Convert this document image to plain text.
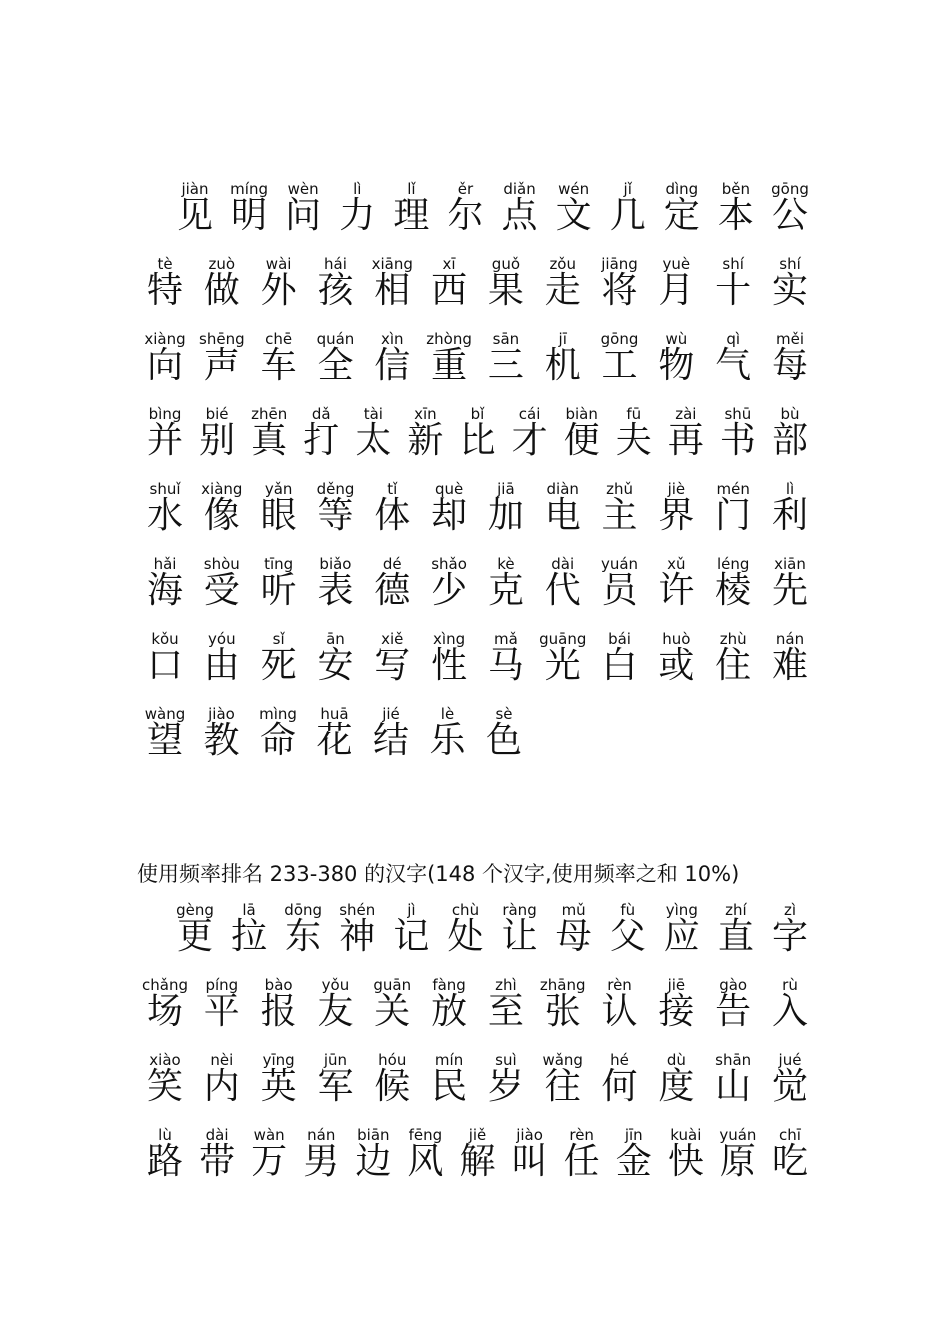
见
jiàn
明
míng
问
wèn
力
lì
理
lǐ
尔
ěr
点
diǎn
文
wén
几
jǐ
定
dìng
本
běn
公
gōng
特
tè
做
zuò
外
wài
孩
hái
相
xiāng
西
xī
果
guǒ
走
zǒu
将
jiāng
月
yuè
十
shí
实
shí
向
xiàng
声
shēng
车
chē
全
quán
信
xìn
重
zhòng
三
sān
机
jī
工
gōng
物
wù
气
qì
每
měi
并
bìng
别
bié
真
zhēn
打
dǎ
太
tài
新
xīn
比
bǐ
才
cái
便
biàn
夫
fū
再
zài
书
shū
部
bù
水
shuǐ
像
xiàng
眼
yǎn
等
děng
体
tǐ
却
què
加
jiā
电
diàn
主
zhǔ
界
jiè
门
mén
利
lì
海
hǎi
受
shòu
听
tīng
表
biǎo
德
dé
少
shǎo
克
kè
代
dài
员
yuán
许
xǔ
棱
léng
先
xiān
口
kǒu
由
yóu
死
sǐ
安
ān
写
xiě
性
xìng
马
mǎ
光
guāng
白
bái
或
huò
住
zhù
难
nán
望
wàng
教
jiào
命
mìng
花
huā
结
jié
乐
lè
色
sè
使用频率排名 233-380 的汉字(148 个汉字,使用频率之和 10%)
更
gèng
拉
lā
东
dōng
神
shén
记
jì
处
chù
让
ràng
母
mǔ
父
fù
应
yìng
直
zhí
字
zì
场
chǎng
平
píng
报
bào
友
yǒu
关
guān
放
fàng
至
zhì
张
zhāng
认
rèn
接
jiē
告
gào
入
rù
笑
xiào
内
nèi
英
yīng
军
jūn
候
hóu
民
mín
岁
suì
往
wǎng
何
hé
度
dù
山
shān
觉
jué
路
lù
带
dài
万
wàn
男
nán
边
biān
风
fēng
解
jiě
叫
jiào
任
rèn
金
jīn
快
kuài
原
yuán
吃
chī
